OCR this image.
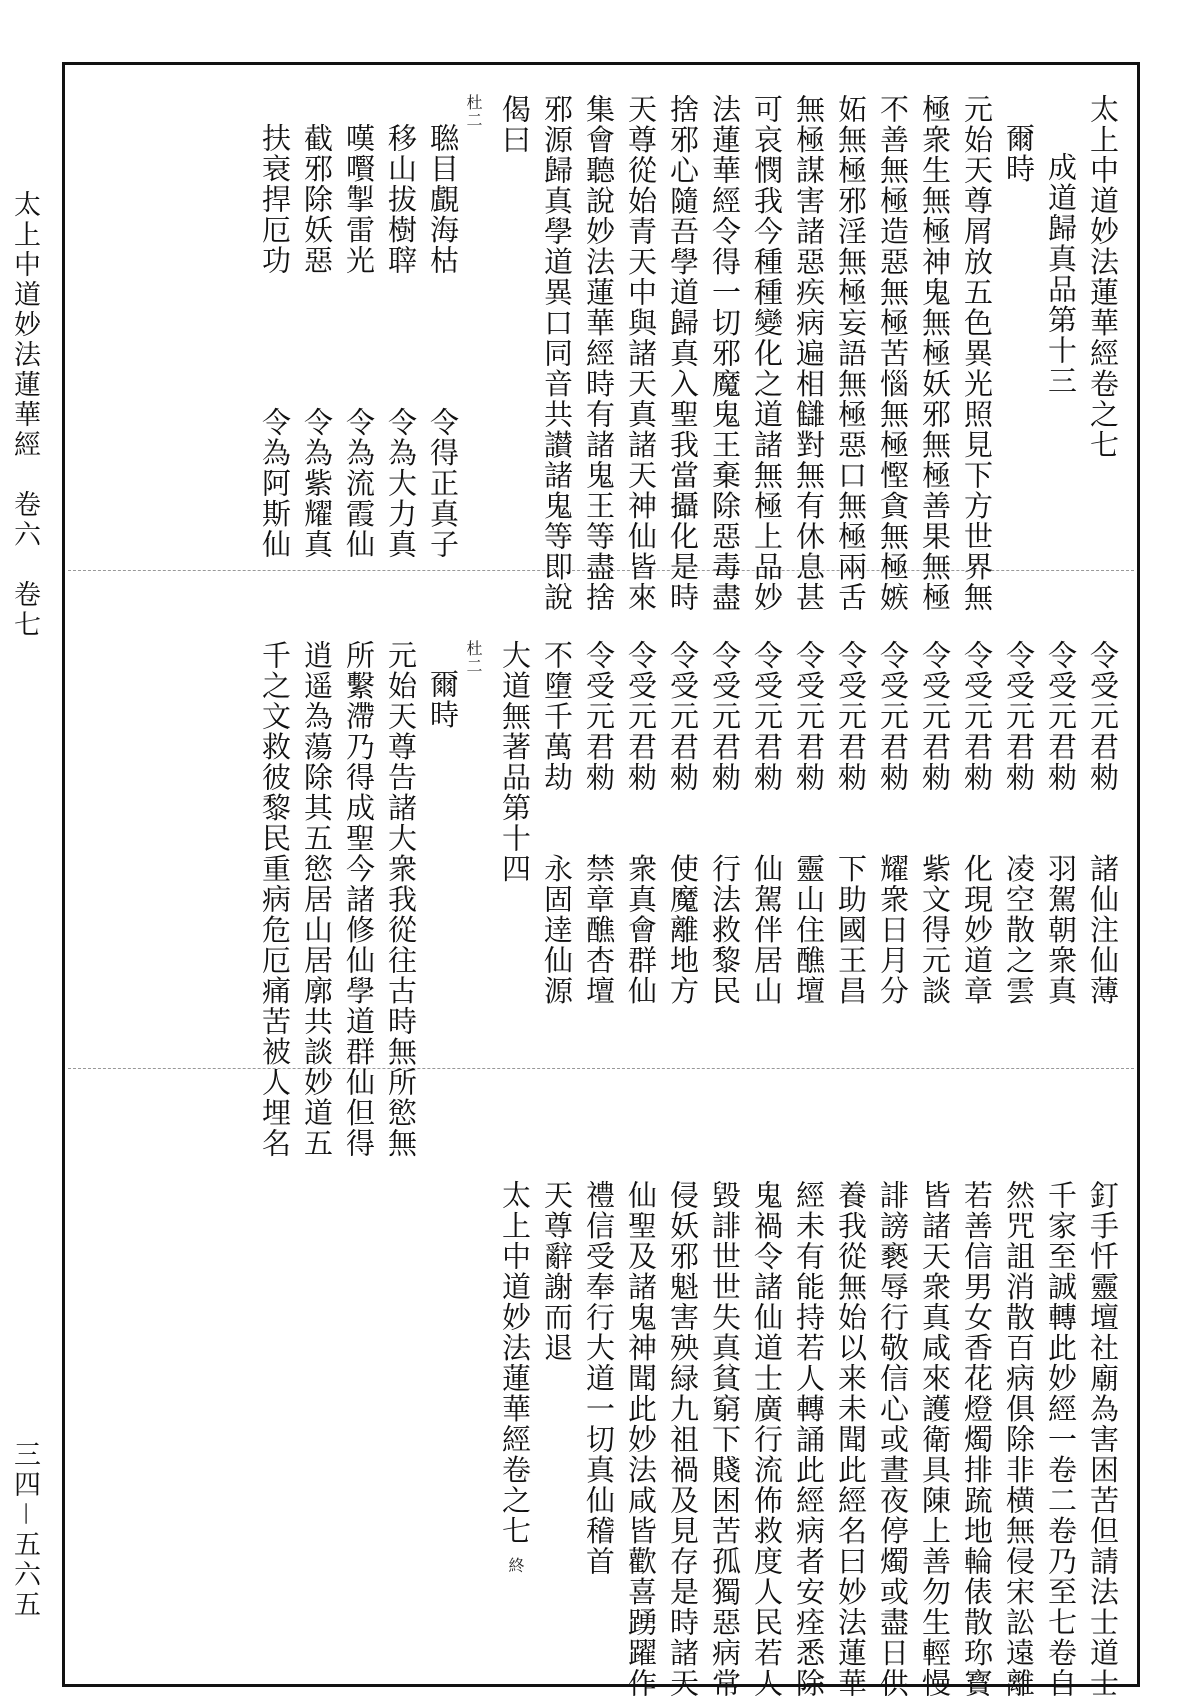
太上中道妙法蓮華經　卷六　卷七
三四－五六五
太上中道妙法蓮華經卷之七
成道歸真品第十三
爾時
元始天尊屑放五色異光照見下方世界無
極衆生無極神鬼無極妖邪無極善果無極
不善無極造惡無極苦惱無極慳貪無極嫉
妬無極邪淫無極妄語無極惡口無極兩舌
無極謀害諸惡疾病遍相讎對無有休息甚
可哀憫我今種種變化之道諸無極上品妙
法蓮華經令得一切邪魔鬼王棄除惡毒盡
捨邪心隨吾學道歸真入聖我當攝化是時
天尊從始青天中與諸天真諸天神仙皆來
集會聽說妙法蓮華經時有諸鬼王等盡捨
邪源歸真學道異口同音共讃諸鬼等即說
偈曰
杜二
聮目覰海枯  令得正真子
移山拔樹䏁  令為大力真
嘆㘋掣雷光  令為流霞仙
截邪除妖惡  令為紫耀真
扶衰捍厄功  令為阿斯仙
令受元君勑　　諸仙注仙薄
令受元君勑　　羽駕朝衆真
令受元君勑　　凌空散之雲
令受元君勑　　化現妙道章
令受元君勑　　紫文得元談
令受元君勑　　耀衆日月分
令受元君勑　　下助國王昌
令受元君勑　　靈山住醮壇
令受元君勑　　仙駕伴居山
令受元君勑　　行法救黎民
令受元君勑　　使魔離地方
令受元君勑　　衆真會群仙
令受元君勑　　禁章醮杏壇
不墮千萬劫　　永固逹仙源
大道無著品第十四
杜二
爾時
元始天尊告諸大衆我從往古時無所慾無
所繫滯乃得成聖今諸修仙學道群仙但得
逍遥為蕩除其五慾居山居廓共談妙道五
千之文救彼黎民重病危厄痛苦被人埋名
釘手忏靈壇社廟為害困苦但請法士道士
千家至誠轉此妙經一卷二卷乃至七卷自
然咒詛消散百病俱除非横無侵宋訟遠離
若善信男女香花燈燭排䟽地輪俵散珎寳
皆諸天衆真咸來護衛具陳上善勿生輕慢
誹謗褻辱行敬信心或晝夜停燭或盡日供
養我從無始以来未聞此經名曰妙法蓮華
經未有能持若人轉誦此經病者安痊悉除
鬼禍令諸仙道士廣行流佈救度人民若人
毀誹世世失真貧窮下賤困苦孤獨惡病常
侵妖邪魁害殃緑九祖禍及見存是時諸天
仙聖及諸鬼神聞此妙法咸皆歡喜踴躍作
禮信受奉行大道一切真仙稽首
天尊辭謝而退
太上中道妙法蓮華經卷之七 終
